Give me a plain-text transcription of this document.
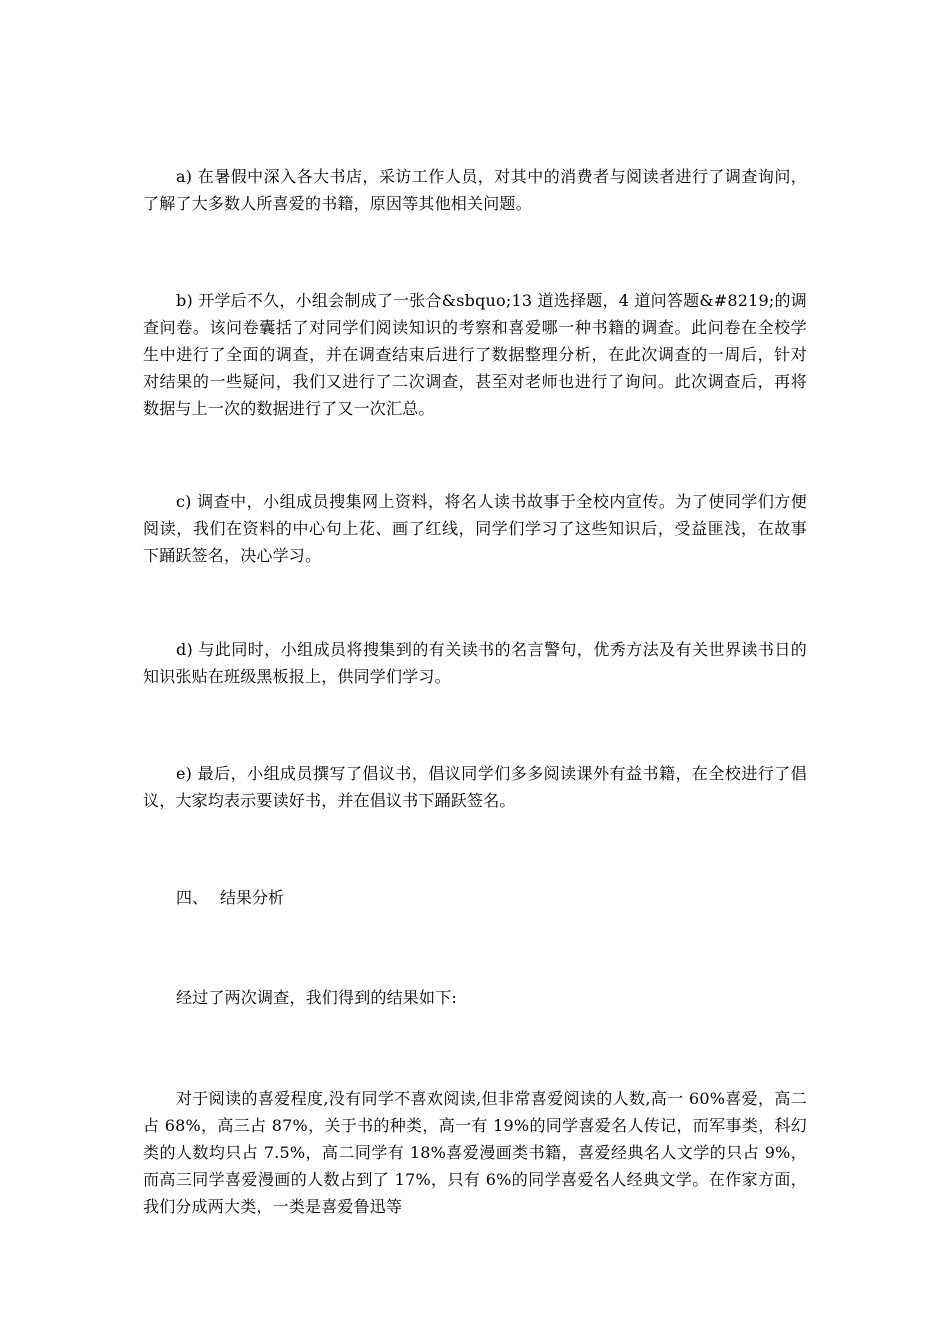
a) 在暑假中深入各大书店，采访工作人员，对其中的消费者与阅读者进行了调查询问，了解了大多数人所喜爱的书籍，原因等其他相关问题。

b) 开学后不久，小组会制成了一张合&sbquo;13 道选择题，4 道问答题&#8219;的调查问卷。该问卷囊括了对同学们阅读知识的考察和喜爱哪一种书籍的调查。此问卷在全校学生中进行了全面的调查，并在调查结束后进行了数据整理分析，在此次调查的一周后，针对对结果的一些疑问，我们又进行了二次调查，甚至对老师也进行了询问。此次调查后，再将数据与上一次的数据进行了又一次汇总。

c) 调查中，小组成员搜集网上资料，将名人读书故事于全校内宣传。为了使同学们方便阅读，我们在资料的中心句上花、画了红线，同学们学习了这些知识后，受益匪浅，在故事下踊跃签名，决心学习。

d) 与此同时，小组成员将搜集到的有关读书的名言警句，优秀方法及有关世界读书日的知识张贴在班级黑板报上，供同学们学习。

e) 最后，小组成员撰写了倡议书，倡议同学们多多阅读课外有益书籍，在全校进行了倡议，大家均表示要读好书，并在倡议书下踊跃签名。

四、 结果分析

经过了两次调查，我们得到的结果如下:

对于阅读的喜爱程度,没有同学不喜欢阅读,但非常喜爱阅读的人数,高一 60%喜爱，高二占 68%，高三占 87%，关于书的种类，高一有 19%的同学喜爱名人传记，而军事类，科幻类的人数均只占 7.5%，高二同学有 18%喜爱漫画类书籍，喜爱经典名人文学的只占 9%，而高三同学喜爱漫画的人数占到了 17%，只有 6%的同学喜爱名人经典文学。在作家方面，我们分成两大类，一类是喜爱鲁迅等
